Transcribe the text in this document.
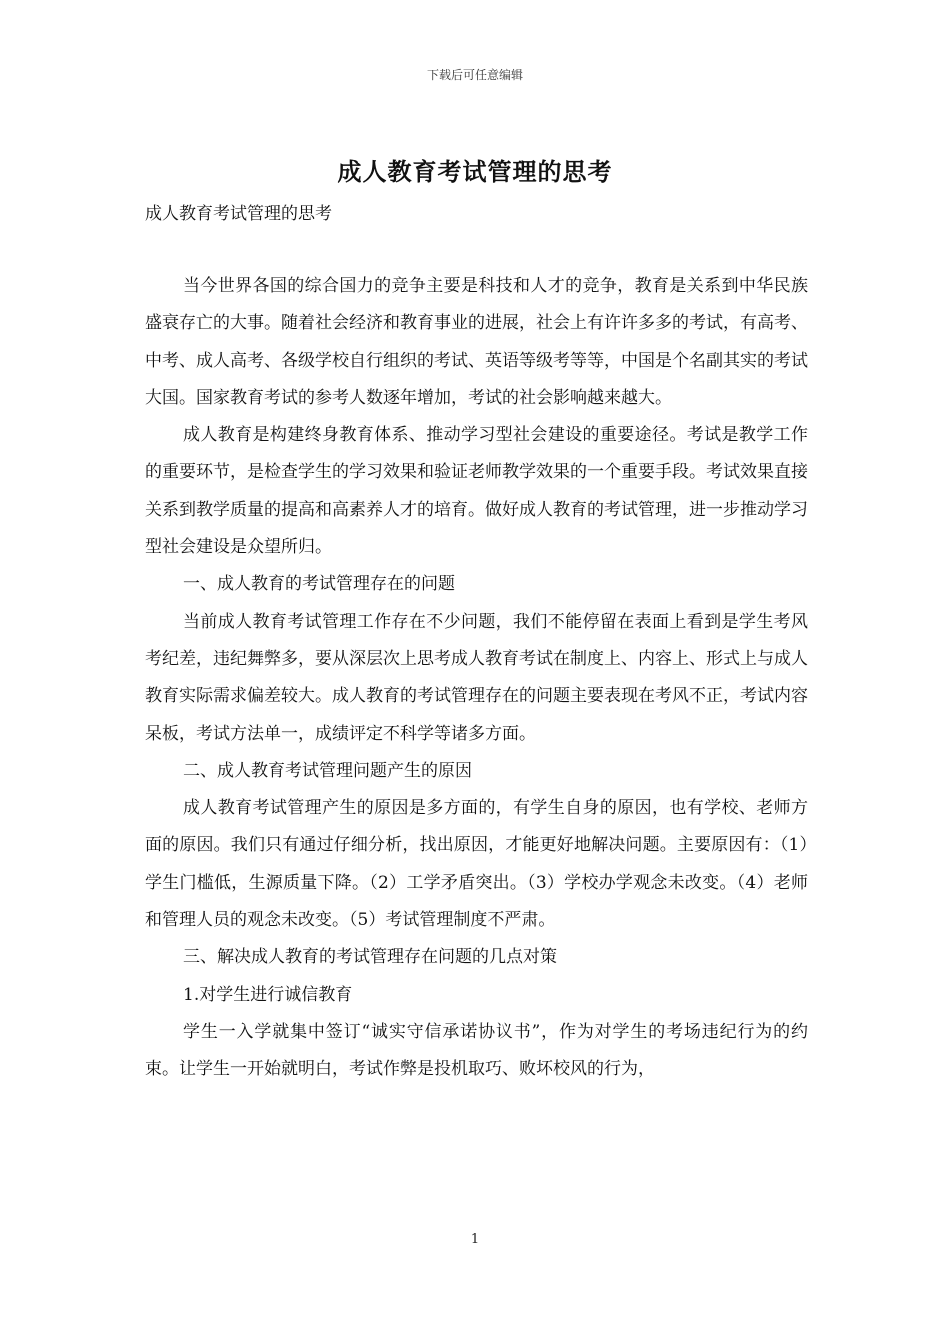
下载后可任意编辑
成人教育考试管理的思考
成人教育考试管理的思考

当今世界各国的综合国力的竞争主要是科技和人才的竞争，教育是关系到中华民族盛衰存亡的大事。随着社会经济和教育事业的进展，社会上有许许多多的考试，有高考、中考、成人高考、各级学校自行组织的考试、英语等级考等等，中国是个名副其实的考试大国。国家教育考试的参考人数逐年增加，考试的社会影响越来越大。

成人教育是构建终身教育体系、推动学习型社会建设的重要途径。考试是教学工作的重要环节，是检查学生的学习效果和验证老师教学效果的一个重要手段。考试效果直接关系到教学质量的提高和高素养人才的培育。做好成人教育的考试管理，进一步推动学习型社会建设是众望所归。

一、成人教育的考试管理存在的问题

当前成人教育考试管理工作存在不少问题，我们不能停留在表面上看到是学生考风考纪差，违纪舞弊多，要从深层次上思考成人教育考试在制度上、内容上、形式上与成人教育实际需求偏差较大。成人教育的考试管理存在的问题主要表现在考风不正，考试内容呆板，考试方法单一，成绩评定不科学等诸多方面。

二、成人教育考试管理问题产生的原因

成人教育考试管理产生的原因是多方面的，有学生自身的原因，也有学校、老师方面的原因。我们只有通过仔细分析，找出原因，才能更好地解决问题。主要原因有：（1）学生门槛低，生源质量下降。（2）工学矛盾突出。（3）学校办学观念未改变。（4）老师和管理人员的观念未改变。（5）考试管理制度不严肃。

三、解决成人教育的考试管理存在问题的几点对策

1.对学生进行诚信教育

学生一入学就集中签订“诚实守信承诺协议书”，作为对学生的考场违纪行为的约束。让学生一开始就明白，考试作弊是投机取巧、败坏校风的行为，

1
